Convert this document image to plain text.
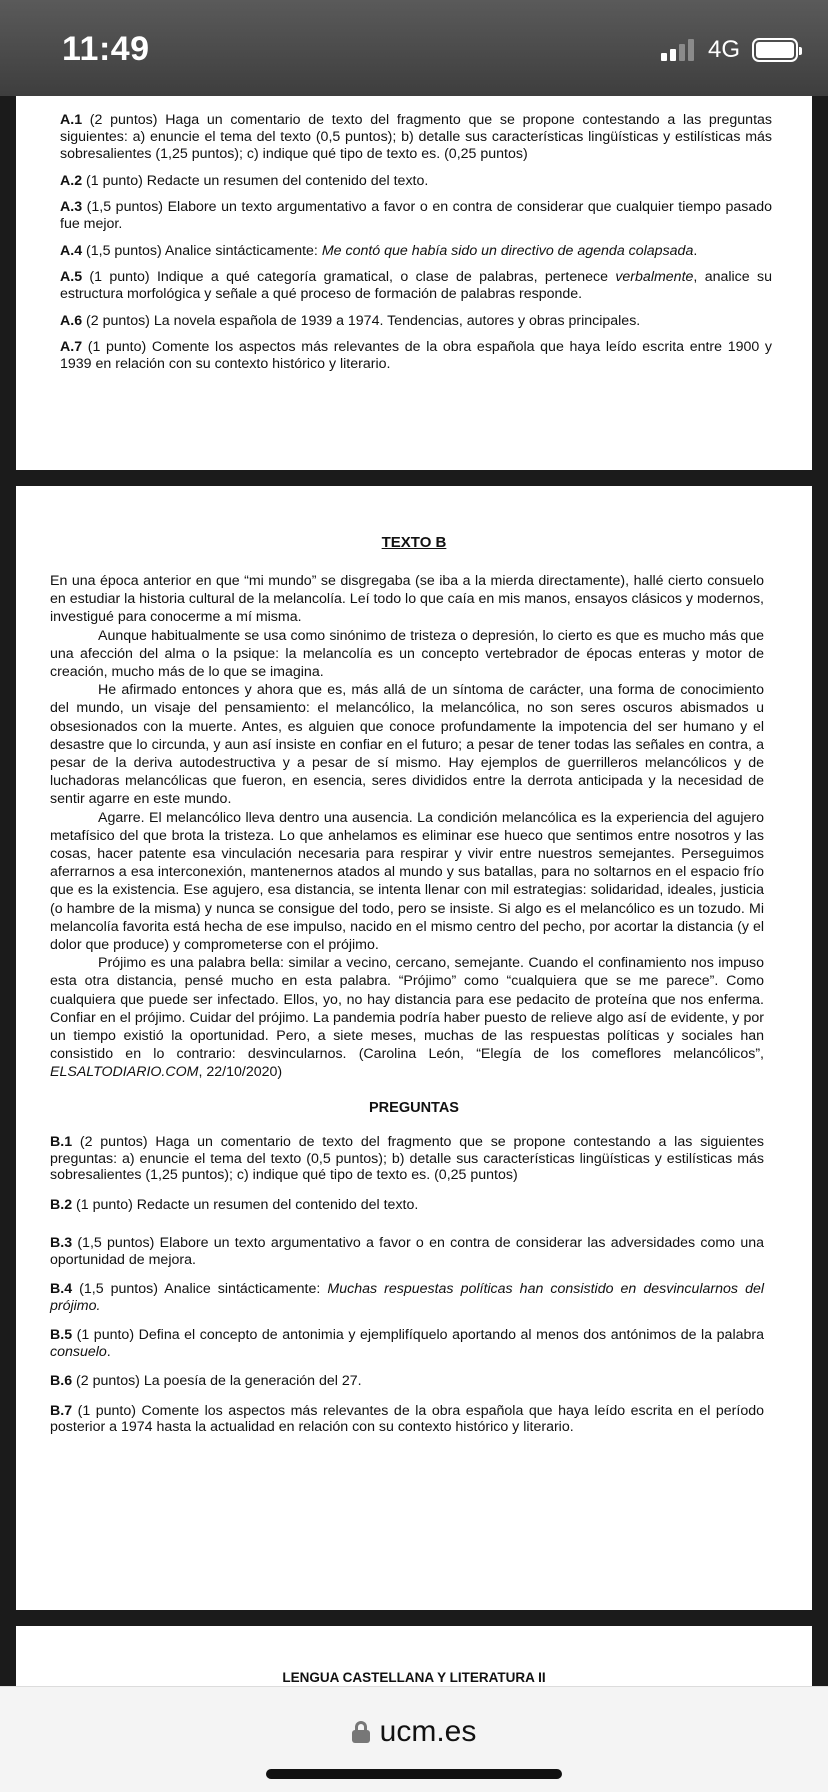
11:49	4G

A.1 (2 puntos) Haga un comentario de texto del fragmento que se propone contestando a las preguntas siguientes: a) enuncie el tema del texto (0,5 puntos); b) detalle sus características lingüísticas y estilísticas más sobresalientes (1,25 puntos); c) indique qué tipo de texto es. (0,25 puntos)

A.2 (1 punto) Redacte un resumen del contenido del texto.

A.3 (1,5 puntos) Elabore un texto argumentativo a favor o en contra de considerar que cualquier tiempo pasado fue mejor.

A.4 (1,5 puntos) Analice sintácticamente: Me contó que había sido un directivo de agenda colapsada.

A.5 (1 punto) Indique a qué categoría gramatical, o clase de palabras, pertenece verbalmente, analice su estructura morfológica y señale a qué proceso de formación de palabras responde.

A.6 (2 puntos) La novela española de 1939 a 1974. Tendencias, autores y obras principales.

A.7 (1 punto) Comente los aspectos más relevantes de la obra española que haya leído escrita entre 1900 y 1939 en relación con su contexto histórico y literario.

TEXTO B

En una época anterior en que “mi mundo” se disgregaba (se iba a la mierda directamente), hallé cierto consuelo en estudiar la historia cultural de la melancolía. Leí todo lo que caía en mis manos, ensayos clásicos y modernos, investigué para conocerme a mí misma.

Aunque habitualmente se usa como sinónimo de tristeza o depresión, lo cierto es que es mucho más que una afección del alma o la psique: la melancolía es un concepto vertebrador de épocas enteras y motor de creación, mucho más de lo que se imagina.

He afirmado entonces y ahora que es, más allá de un síntoma de carácter, una forma de conocimiento del mundo, un visaje del pensamiento: el melancólico, la melancólica, no son seres oscuros abismados u obsesionados con la muerte. Antes, es alguien que conoce profundamente la impotencia del ser humano y el desastre que lo circunda, y aun así insiste en confiar en el futuro; a pesar de tener todas las señales en contra, a pesar de la deriva autodestructiva y a pesar de sí mismo. Hay ejemplos de guerrilleros melancólicos y de luchadoras melancólicas que fueron, en esencia, seres divididos entre la derrota anticipada y la necesidad de sentir agarre en este mundo.

Agarre. El melancólico lleva dentro una ausencia. La condición melancólica es la experiencia del agujero metafísico del que brota la tristeza. Lo que anhelamos es eliminar ese hueco que sentimos entre nosotros y las cosas, hacer patente esa vinculación necesaria para respirar y vivir entre nuestros semejantes. Perseguimos aferrarnos a esa interconexión, mantenernos atados al mundo y sus batallas, para no soltarnos en el espacio frío que es la existencia. Ese agujero, esa distancia, se intenta llenar con mil estrategias: solidaridad, ideales, justicia (o hambre de la misma) y nunca se consigue del todo, pero se insiste. Si algo es el melancólico es un tozudo. Mi melancolía favorita está hecha de ese impulso, nacido en el mismo centro del pecho, por acortar la distancia (y el dolor que produce) y comprometerse con el prójimo.

Prójimo es una palabra bella: similar a vecino, cercano, semejante. Cuando el confinamiento nos impuso esta otra distancia, pensé mucho en esta palabra. “Prójimo” como “cualquiera que se me parece”. Como cualquiera que puede ser infectado. Ellos, yo, no hay distancia para ese pedacito de proteína que nos enferma. Confiar en el prójimo. Cuidar del prójimo. La pandemia podría haber puesto de relieve algo así de evidente, y por un tiempo existió la oportunidad. Pero, a siete meses, muchas de las respuestas políticas y sociales han consistido en lo contrario: desvincularnos. (Carolina León, “Elegía de los comeflores melancólicos”, ELSALTODIARIO.COM, 22/10/2020)

PREGUNTAS

B.1 (2 puntos) Haga un comentario de texto del fragmento que se propone contestando a las siguientes preguntas: a) enuncie el tema del texto (0,5 puntos); b) detalle sus características lingüísticas y estilísticas más sobresalientes (1,25 puntos); c) indique qué tipo de texto es. (0,25 puntos)

B.2 (1 punto) Redacte un resumen del contenido del texto.

B.3 (1,5 puntos) Elabore un texto argumentativo a favor o en contra de considerar las adversidades como una oportunidad de mejora.

B.4 (1,5 puntos) Analice sintácticamente: Muchas respuestas políticas han consistido en desvincularnos del prójimo.

B.5 (1 punto) Defina el concepto de antonimia y ejemplifíquelo aportando al menos dos antónimos de la palabra consuelo.

B.6 (2 puntos) La poesía de la generación del 27.

B.7 (1 punto) Comente los aspectos más relevantes de la obra española que haya leído escrita en el período posterior a 1974 hasta la actualidad en relación con su contexto histórico y literario.

LENGUA CASTELLANA Y LITERATURA II
ucm.es
